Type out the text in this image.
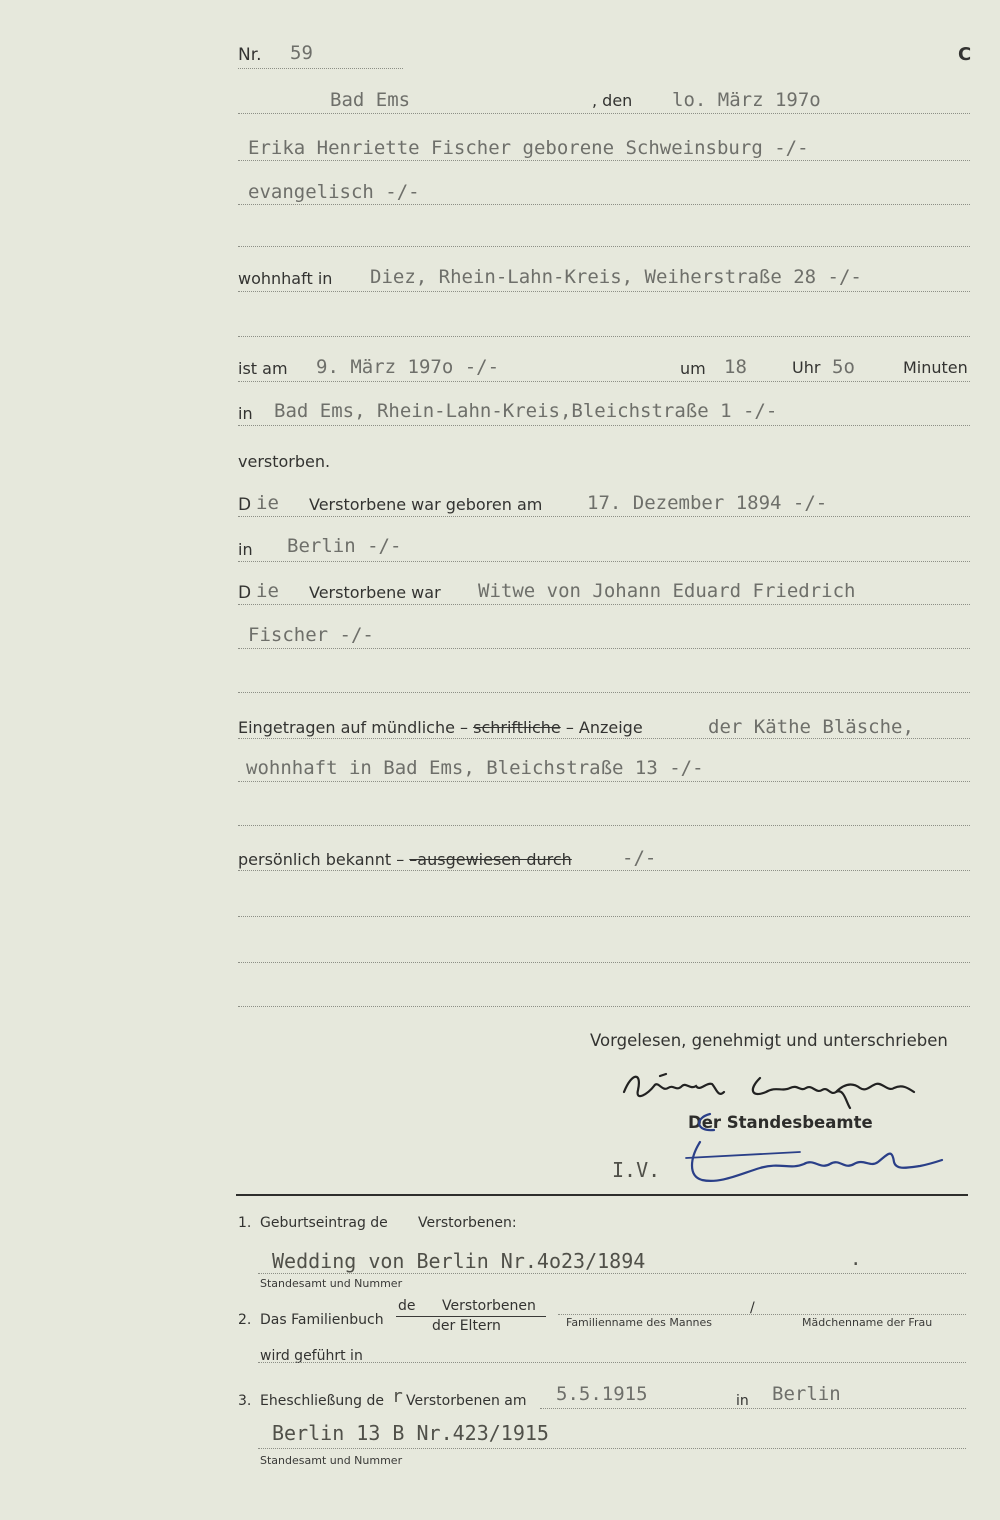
Nr. 59	C
Bad Ems	, den lo. März 197o
Erika Henriette Fischer geborene Schweinsburg -/-
evangelisch -/-
wohnhaft in Diez, Rhein-Lahn-Kreis, Weiherstraße 28 -/-
ist am 9. März 197o -/-	um 18	Uhr 5o	Minuten
in Bad Ems, Rhein-Lahn-Kreis,Bleichstraße 1 -/-
verstorben.
D ie Verstorbene war geboren am 17. Dezember 1894 -/-
in Berlin -/-
D ie Verstorbene war Witwe von Johann Eduard Friedrich
Fischer -/-
Eingetragen auf mündliche – schriftliche – Anzeige	der Käthe Bläsche,
wohnhaft in Bad Ems, Bleichstraße 13 -/-
persönlich bekannt – –ausgewiesen durch	-/-
Vorgelesen, genehmigt und unterschrieben
Der Standesbeamte
I.V.
1. Geburtseintrag de Verstorbenen:
Wedding von Berlin Nr.4o23/1894	.
Standesamt und Nummer
2. Das Familienbuch
de Verstorbenen
der Eltern
/
Familienname des Mannes	Mädchenname der Frau
wird geführt in
3. Eheschließung de r Verstorbenen am 5.5.1915	in Berlin
Berlin 13 B Nr.423/1915
Standesamt und Nummer
